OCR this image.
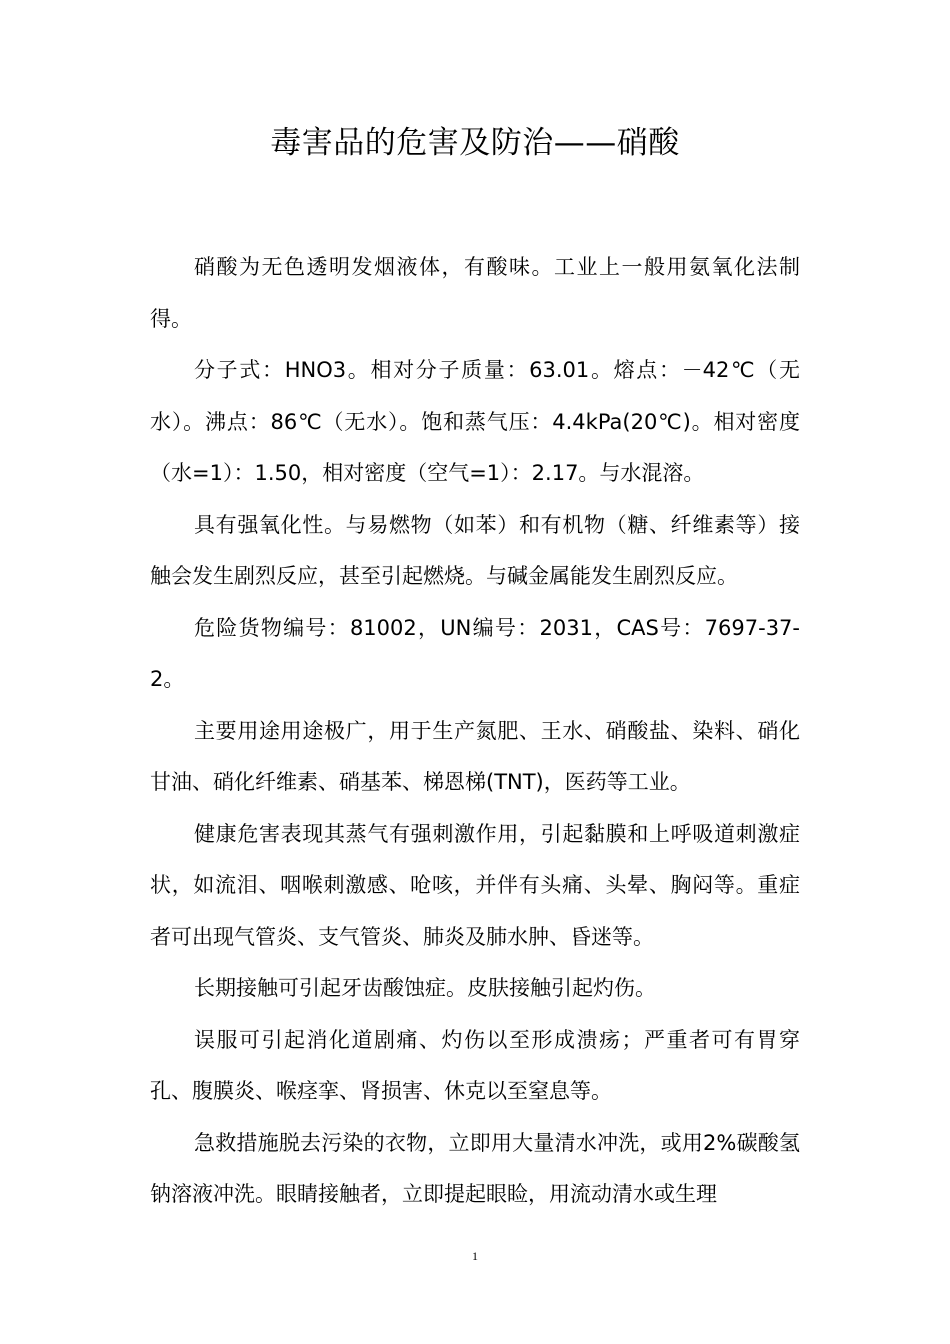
毒害品的危害及防治——硝酸

硝酸为无色透明发烟液体，有酸味。工业上一般用氨氧化法制得。

分子式：HNO3。相对分子质量：63.01。熔点：－42℃（无水）。沸点：86℃（无水）。饱和蒸气压：4.4kPa(20℃)。相对密度（水=1）：1.50，相对密度（空气=1）：2.17。与水混溶。

具有强氧化性。与易燃物（如苯）和有机物（糖、纤维素等）接触会发生剧烈反应，甚至引起燃烧。与碱金属能发生剧烈反应。

危险货物编号：81002，UN编号：2031，CAS号：7697-37-2。

主要用途用途极广，用于生产氮肥、王水、硝酸盐、染料、硝化甘油、硝化纤维素、硝基苯、梯恩梯(TNT)，医药等工业。

健康危害表现其蒸气有强刺激作用，引起黏膜和上呼吸道刺激症状，如流泪、咽喉刺激感、呛咳，并伴有头痛、头晕、胸闷等。重症者可出现气管炎、支气管炎、肺炎及肺水肿、昏迷等。

长期接触可引起牙齿酸蚀症。皮肤接触引起灼伤。

误服可引起消化道剧痛、灼伤以至形成溃疡；严重者可有胃穿孔、腹膜炎、喉痉挛、肾损害、休克以至窒息等。

急救措施脱去污染的衣物，立即用大量清水冲洗，或用2%碳酸氢钠溶液冲洗。眼睛接触者，立即提起眼睑，用流动清水或生理

1
